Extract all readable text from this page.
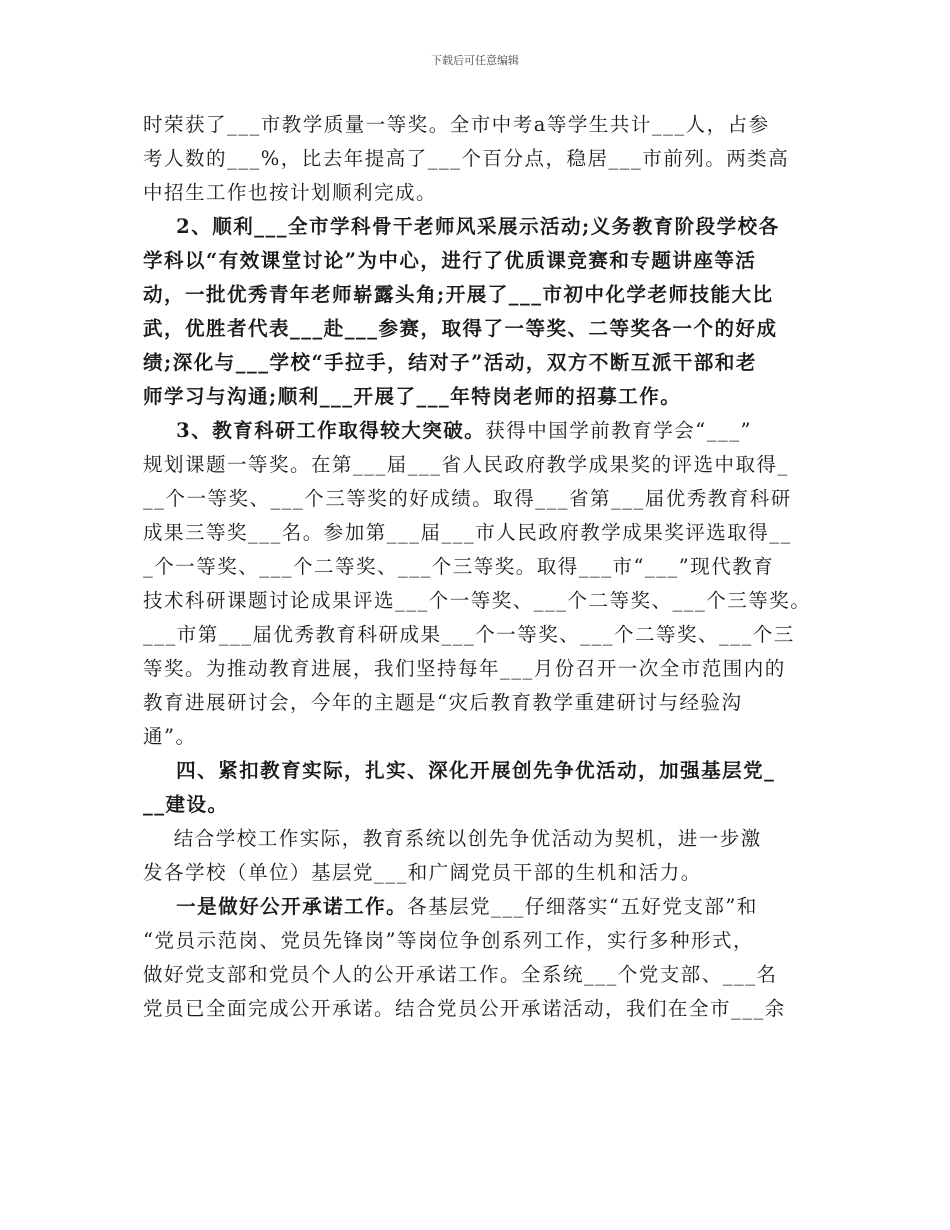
下载后可任意编辑
时荣获了___市教学质量一等奖。全市中考a等学生共计___人，占参
考人数的___%，比去年提高了___个百分点，稳居___市前列。两类高
中招生工作也按计划顺利完成。
2、顺利___全市学科骨干老师风采展示活动;义务教育阶段学校各
学科以“有效课堂讨论”为中心，进行了优质课竞赛和专题讲座等活
动，一批优秀青年老师崭露头角;开展了___市初中化学老师技能大比
武，优胜者代表___赴___参赛，取得了一等奖、二等奖各一个的好成
绩;深化与___学校“手拉手，结对子”活动，双方不断互派干部和老
师学习与沟通;顺利___开展了___年特岗老师的招募工作。
3、教育科研工作取得较大突破。获得中国学前教育学会“___”
规划课题一等奖。在第___届___省人民政府教学成果奖的评选中取得_
__个一等奖、___个三等奖的好成绩。取得___省第___届优秀教育科研
成果三等奖___名。参加第___届___市人民政府教学成果奖评选取得__
_个一等奖、___个二等奖、___个三等奖。取得___市“___”现代教育
技术科研课题讨论成果评选___个一等奖、___个二等奖、___个三等奖。
___市第___届优秀教育科研成果___个一等奖、___个二等奖、___个三
等奖。为推动教育进展，我们坚持每年___月份召开一次全市范围内的
教育进展研讨会，今年的主题是“灾后教育教学重建研讨与经验沟
通”。
四、紧扣教育实际，扎实、深化开展创先争优活动，加强基层党_
__建设。
结合学校工作实际，教育系统以创先争优活动为契机，进一步激
发各学校（单位）基层党___和广阔党员干部的生机和活力。
一是做好公开承诺工作。各基层党___仔细落实“五好党支部”和
“党员示范岗、党员先锋岗”等岗位争创系列工作，实行多种形式，
做好党支部和党员个人的公开承诺工作。全系统___个党支部、___名
党员已全面完成公开承诺。结合党员公开承诺活动，我们在全市___余
